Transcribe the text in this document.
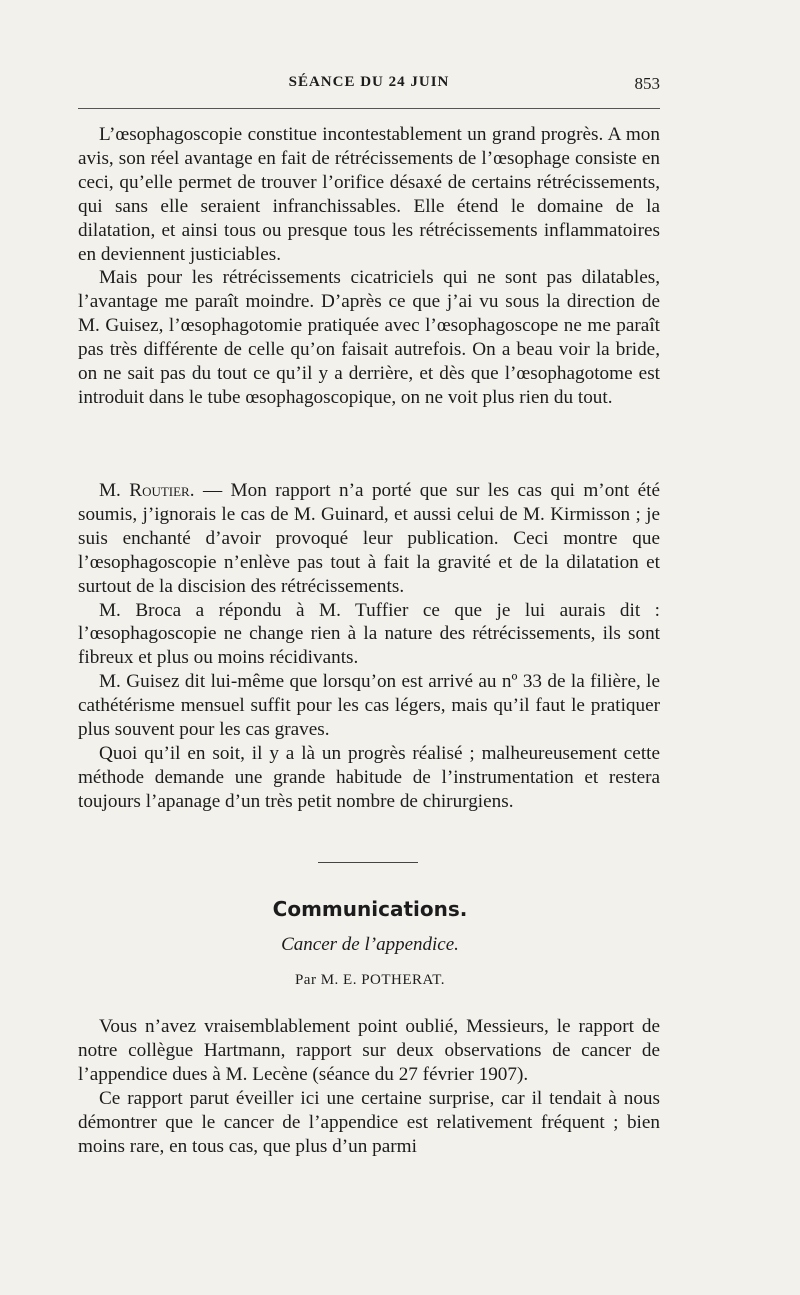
SÉANCE DU 24 JUIN	853

L’œsophagoscopie constitue incontestablement un grand progrès. A mon avis, son réel avantage en fait de rétrécissements de l’œsophage consiste en ceci, qu’elle permet de trouver l’orifice désaxé de certains rétrécissements, qui sans elle seraient infranchissables. Elle étend le domaine de la dilatation, et ainsi tous ou presque tous les rétrécissements inflammatoires en deviennent justiciables.

Mais pour les rétrécissements cicatriciels qui ne sont pas dilatables, l’avantage me paraît moindre. D’après ce que j’ai vu sous la direction de M. Guisez, l’œsophagotomie pratiquée avec l’œsophagoscope ne me paraît pas très différente de celle qu’on faisait autrefois. On a beau voir la bride, on ne sait pas du tout ce qu’il y a derrière, et dès que l’œsophagotome est introduit dans le tube œsophagoscopique, on ne voit plus rien du tout.

M. Routier. — Mon rapport n’a porté que sur les cas qui m’ont été soumis, j’ignorais le cas de M. Guinard, et aussi celui de M. Kirmisson ; je suis enchanté d’avoir provoqué leur publication. Ceci montre que l’œsophagoscopie n’enlève pas tout à fait la gravité et de la dilatation et surtout de la discision des rétrécissements.

M. Broca a répondu à M. Tuffier ce que je lui aurais dit : l’œsophagoscopie ne change rien à la nature des rétrécissements, ils sont fibreux et plus ou moins récidivants.

M. Guisez dit lui-même que lorsqu’on est arrivé au nº 33 de la filière, le cathétérisme mensuel suffit pour les cas légers, mais qu’il faut le pratiquer plus souvent pour les cas graves.

Quoi qu’il en soit, il y a là un progrès réalisé ; malheureusement cette méthode demande une grande habitude de l’instrumentation et restera toujours l’apanage d’un très petit nombre de chirurgiens.

Communications.
Cancer de l’appendice.
Par M. E. POTHERAT.

Vous n’avez vraisemblablement point oublié, Messieurs, le rapport de notre collègue Hartmann, rapport sur deux observations de cancer de l’appendice dues à M. Lecène (séance du 27 février 1907).

Ce rapport parut éveiller ici une certaine surprise, car il tendait à nous démontrer que le cancer de l’appendice est relativement fréquent ; bien moins rare, en tous cas, que plus d’un parmi
